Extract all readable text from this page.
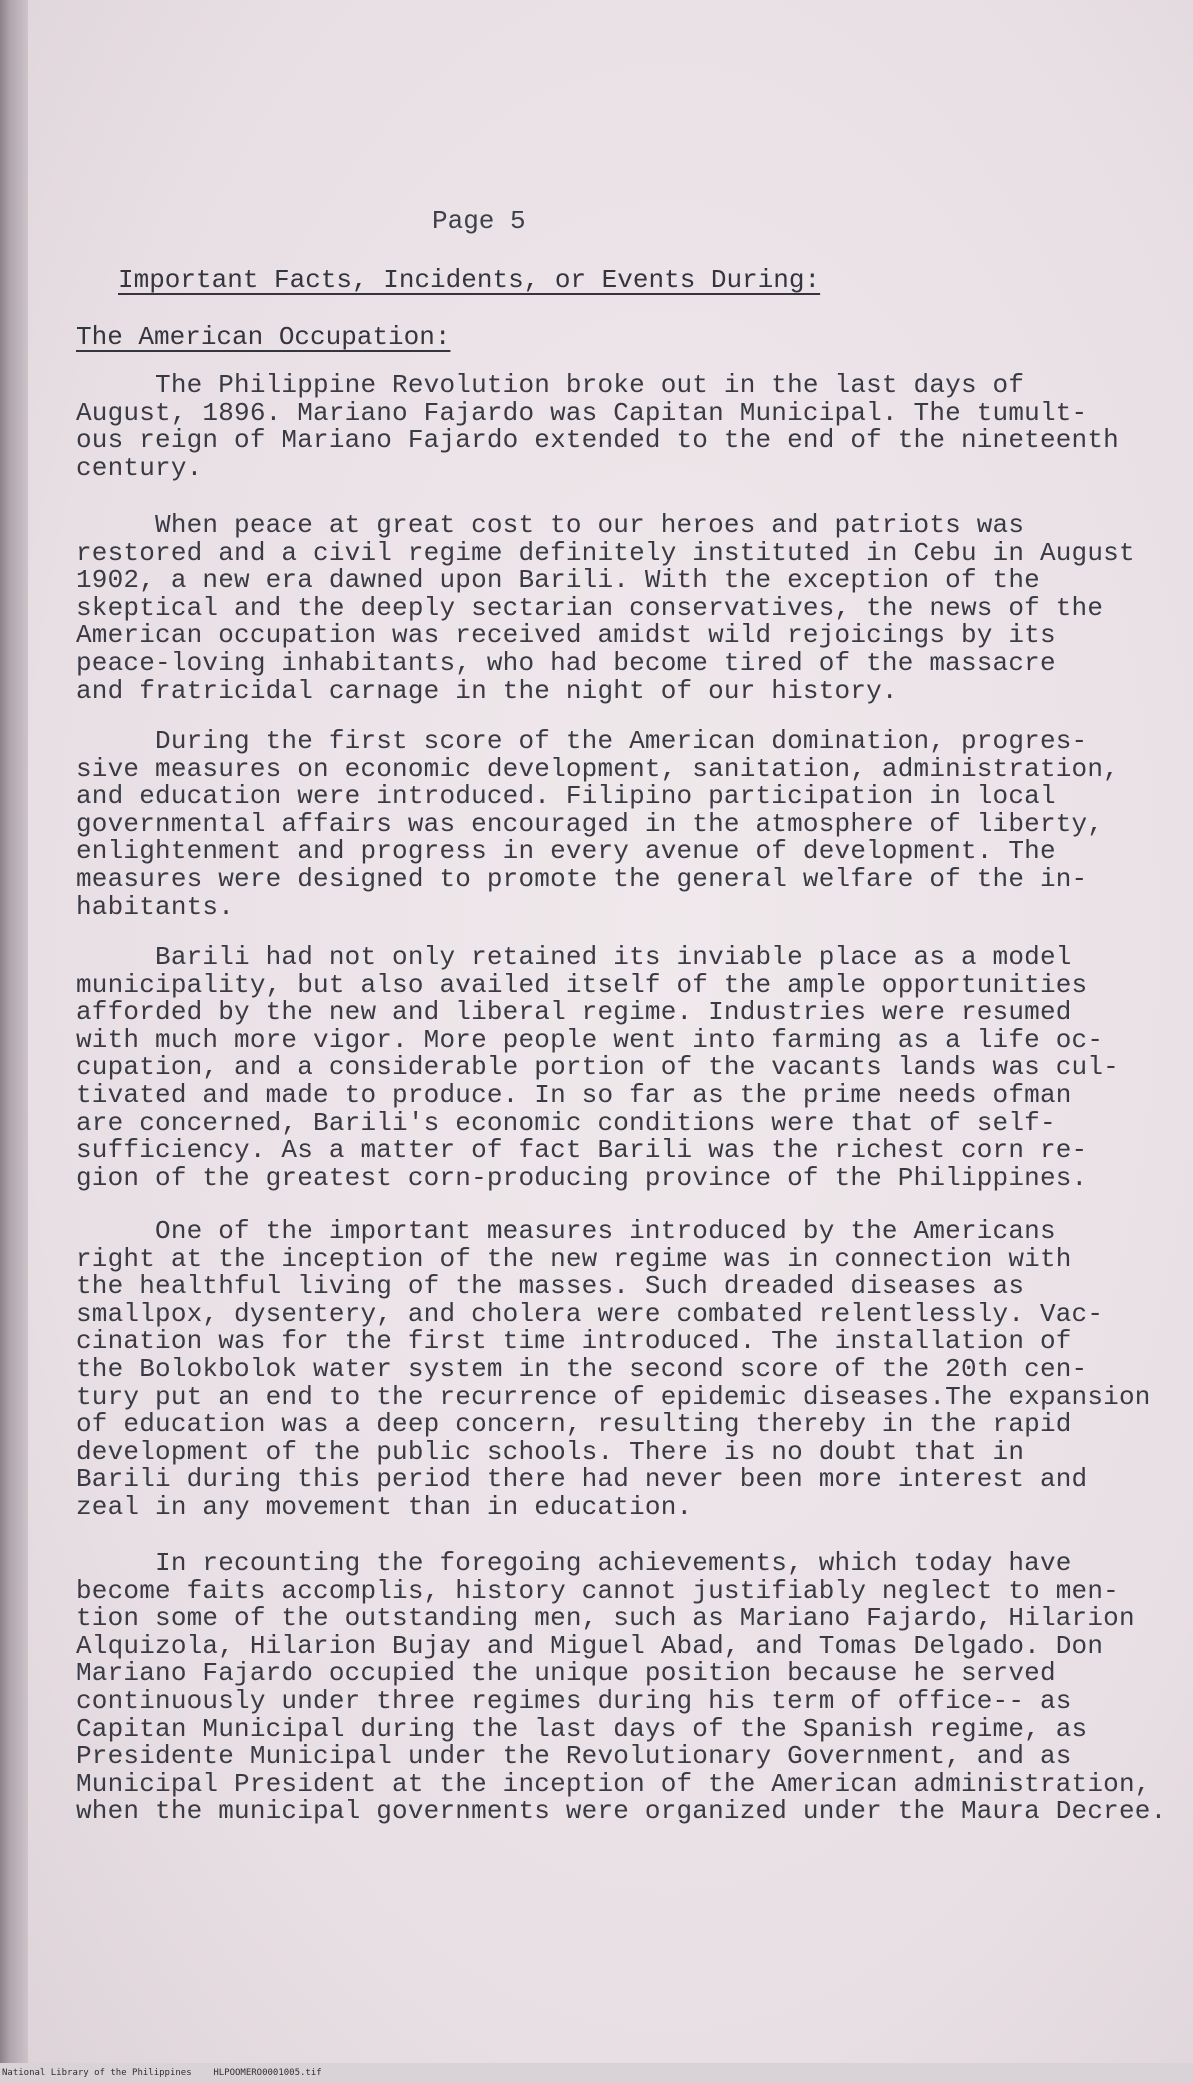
Page 5
Important Facts, Incidents, or Events During:
The American Occupation:
The Philippine Revolution broke out in the last days of
August, 1896. Mariano Fajardo was Capitan Municipal. The tumult-
ous reign of Mariano Fajardo extended to the end of the nineteenth
century.
When peace at great cost to our heroes and patriots was
restored and a civil regime definitely instituted in Cebu in August
1902, a new era dawned upon Barili. With the exception of the
skeptical and the deeply sectarian conservatives, the news of the
American occupation was received amidst wild rejoicings by its
peace-loving inhabitants, who had become tired of the massacre
and fratricidal carnage in the night of our history.
During the first score of the American domination, progres-
sive measures on economic development, sanitation, administration,
and education were introduced. Filipino participation in local
governmental affairs was encouraged in the atmosphere of liberty,
enlightenment and progress in every avenue of development. The
measures were designed to promote the general welfare of the in-
habitants.
Barili had not only retained its inviable place as a model
municipality, but also availed itself of the ample opportunities
afforded by the new and liberal regime. Industries were resumed
with much more vigor. More people went into farming as a life oc-
cupation, and a considerable portion of the vacants lands was cul-
tivated and made to produce. In so far as the prime needs ofman
are concerned, Barili's economic conditions were that of self-
sufficiency. As a matter of fact Barili was the richest corn re-
gion of the greatest corn-producing province of the Philippines.
One of the important measures introduced by the Americans
right at the inception of the new regime was in connection with
the healthful living of the masses. Such dreaded diseases as
smallpox, dysentery, and cholera were combated relentlessly. Vac-
cination was for the first time introduced. The installation of
the Bolokbolok water system in the second score of the 20th cen-
tury put an end to the recurrence of epidemic diseases.The expansion
of education was a deep concern, resulting thereby in the rapid
development of the public schools. There is no doubt that in
Barili during this period there had never been more interest and
zeal in any movement than in education.
In recounting the foregoing achievements, which today have
become faits accomplis, history cannot justifiably neglect to men-
tion some of the outstanding men, such as Mariano Fajardo, Hilarion
Alquizola, Hilarion Bujay and Miguel Abad, and Tomas Delgado. Don
Mariano Fajardo occupied the unique position because he served
continuously under three regimes during his term of office-- as
Capitan Municipal during the last days of the Spanish regime, as
Presidente Municipal under the Revolutionary Government, and as
Municipal President at the inception of the American administration,
when the municipal governments were organized under the Maura Decree.
National Library of the Philippines    HLPOOMERO0001005.tif
